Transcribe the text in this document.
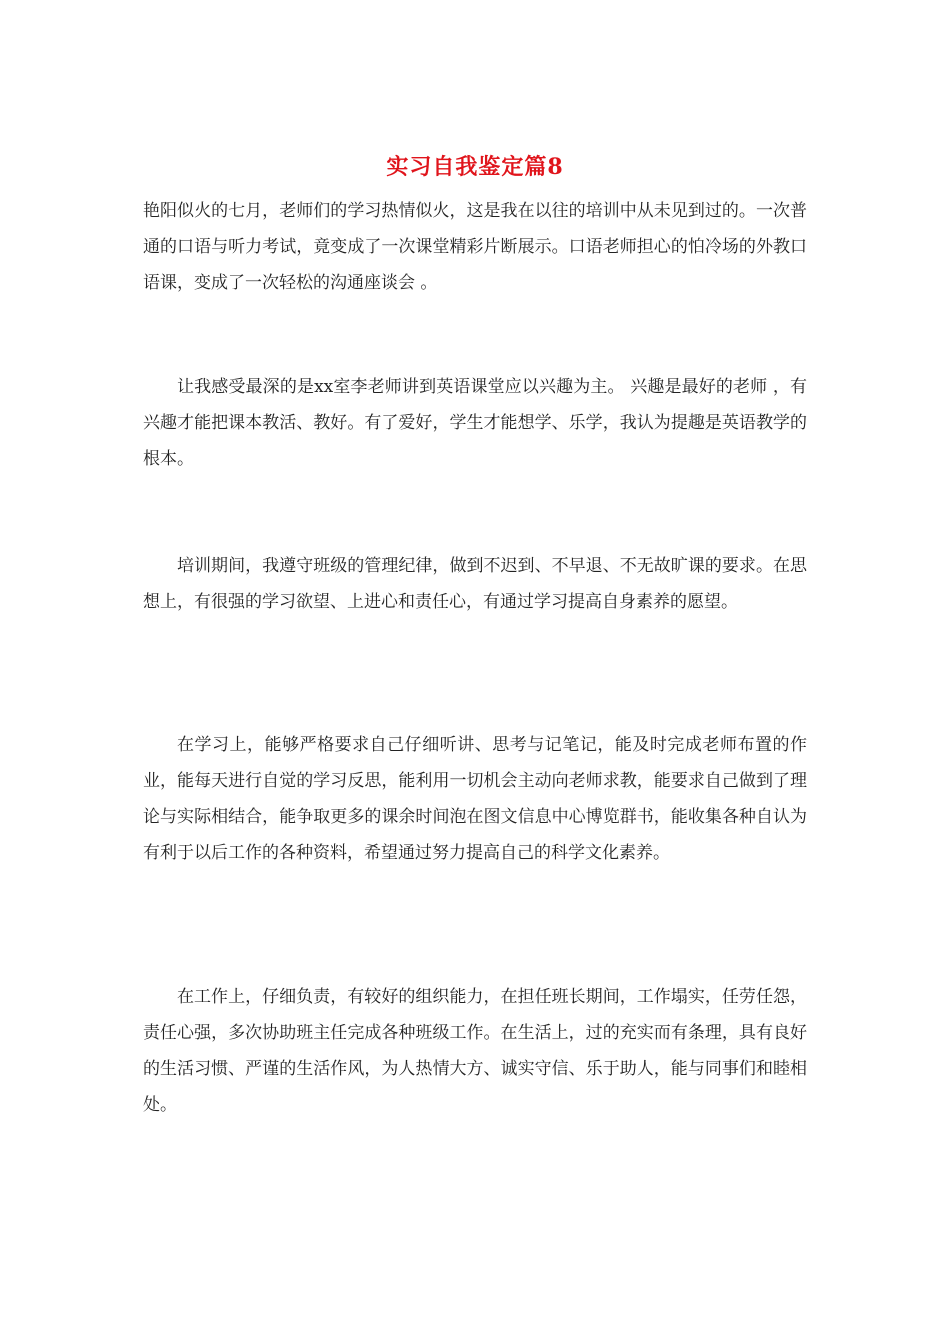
实习自我鉴定篇8

艳阳似火的七月，老师们的学习热情似火，这是我在以往的培训中从未见到过的。一次普通的口语与听力考试，竟变成了一次课堂精彩片断展示。口语老师担心的怕冷场的外教口语课，变成了一次轻松的沟通座谈会 。

让我感受最深的是xx室李老师讲到英语课堂应以兴趣为主。 兴趣是最好的老师 ，有兴趣才能把课本教活、教好。有了爱好，学生才能想学、乐学，我认为提趣是英语教学的根本。

培训期间，我遵守班级的管理纪律，做到不迟到、不早退、不无故旷课的要求。在思想上，有很强的学习欲望、上进心和责任心，有通过学习提高自身素养的愿望。

在学习上，能够严格要求自己仔细听讲、思考与记笔记，能及时完成老师布置的作业，能每天进行自觉的学习反思，能利用一切机会主动向老师求教，能要求自己做到了理论与实际相结合，能争取更多的课余时间泡在图文信息中心博览群书，能收集各种自认为有利于以后工作的各种资料，希望通过努力提高自己的科学文化素养。

在工作上，仔细负责，有较好的组织能力，在担任班长期间，工作塌实，任劳任怨，责任心强，多次协助班主任完成各种班级工作。在生活上，过的充实而有条理，具有良好的生活习惯、严谨的生活作风，为人热情大方、诚实守信、乐于助人，能与同事们和睦相处。
